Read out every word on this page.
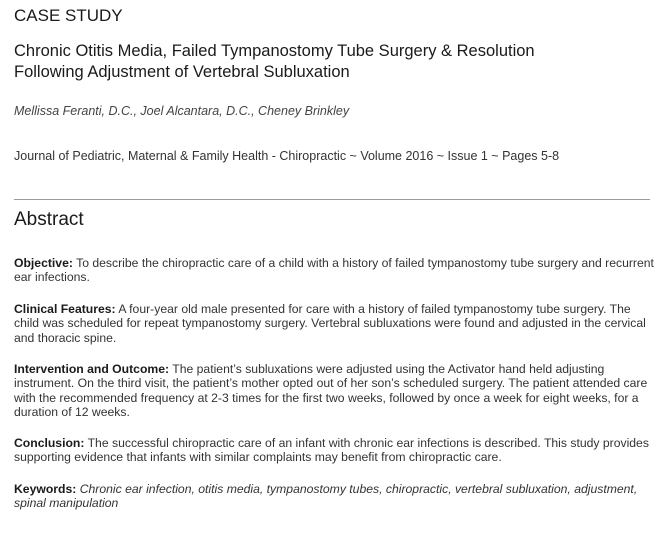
CASE STUDY
Chronic Otitis Media, Failed Tympanostomy Tube Surgery & Resolution
Following Adjustment of Vertebral Subluxation
Mellissa Feranti, D.C., Joel Alcantara, D.C., Cheney Brinkley
Journal of Pediatric, Maternal & Family Health - Chiropractic ~ Volume 2016 ~ Issue 1 ~ Pages 5-8
Abstract
Objective: To describe the chiropractic care of a child with a history of failed tympanostomy tube surgery and recurrent ear infections.
Clinical Features: A four-year old male presented for care with a history of failed tympanostomy tube surgery. The child was scheduled for repeat tympanostomy surgery. Vertebral subluxations were found and adjusted in the cervical and thoracic spine.
Intervention and Outcome: The patient’s subluxations were adjusted using the Activator hand held adjusting instrument. On the third visit, the patient’s mother opted out of her son’s scheduled surgery. The patient attended care with the recommended frequency at 2-3 times for the first two weeks, followed by once a week for eight weeks, for a duration of 12 weeks.
Conclusion: The successful chiropractic care of an infant with chronic ear infections is described. This study provides supporting evidence that infants with similar complaints may benefit from chiropractic care.
Keywords: Chronic ear infection, otitis media, tympanostomy tubes, chiropractic, vertebral subluxation, adjustment, spinal manipulation
